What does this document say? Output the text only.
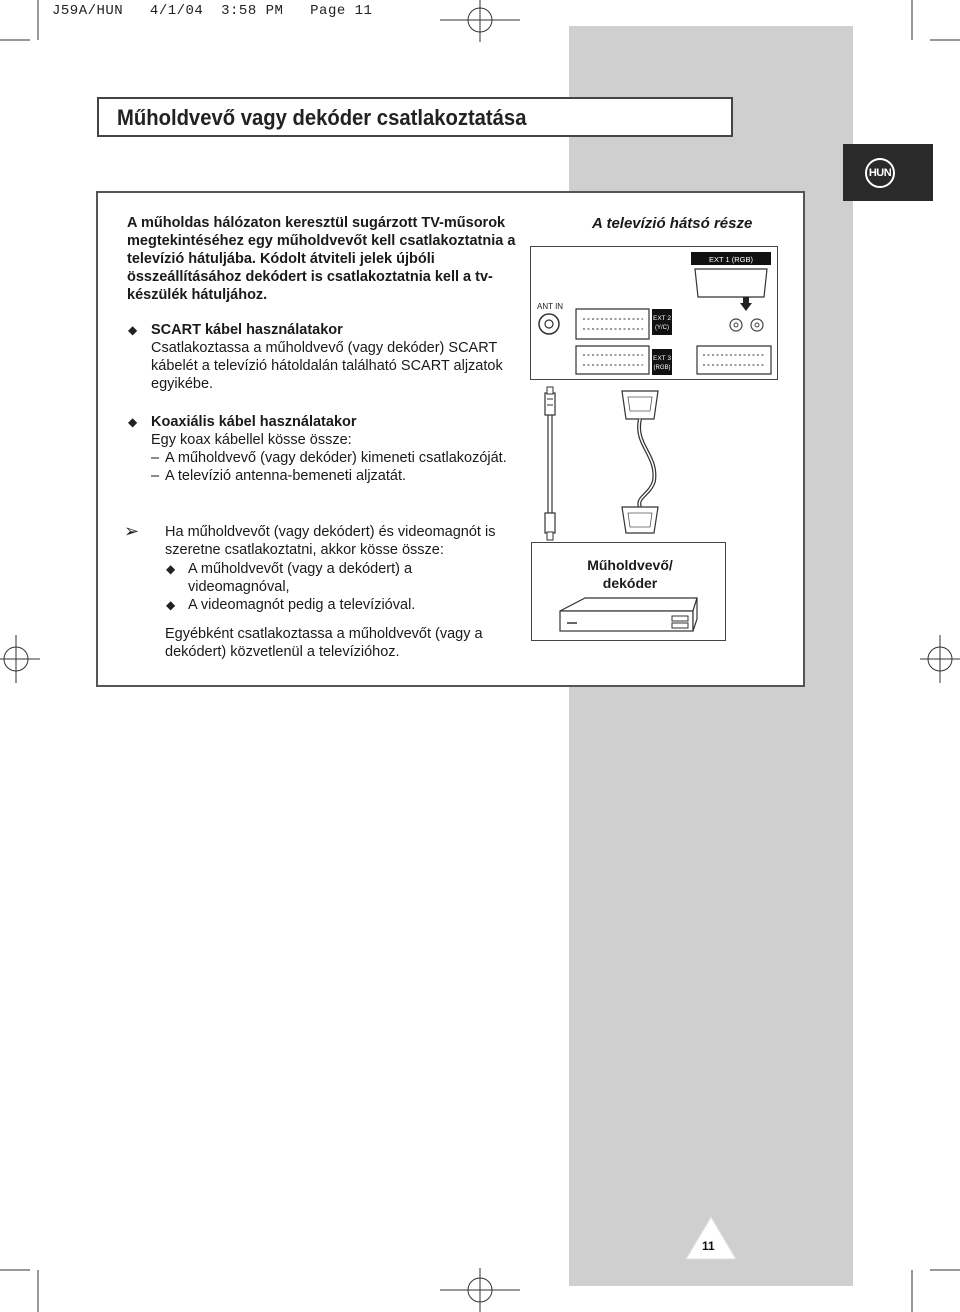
J59A/HUN   4/1/04  3:58 PM   Page 11
Műholdvevő vagy dekóder csatlakoztatása
HUN
A műholdas hálózaton keresztül sugárzott TV-műsorok
megtekintéséhez egy műholdvevőt kell csatlakoztatnia a
televízió hátuljába. Kódolt átviteli jelek újbóli
összeállításához dekódert is csatlakoztatnia kell a tv-
készülék hátuljához.
◆ SCART kábel használatakor
Csatlakoztassa a műholdvevő (vagy dekóder) SCART
kábelét a televízió hátoldalán található SCART aljzatok
egyikébe.
◆ Koaxiális kábel használatakor
Egy koax kábellel kösse össze:
– A műholdvevő (vagy dekóder) kimeneti csatlakozóját.
– A televízió antenna-bemeneti aljzatát.
➢ Ha műholdvevőt (vagy dekódert) és videomagnót is
szeretne csatlakoztatni, akkor kösse össze:
◆ A műholdvevőt (vagy a dekódert) a
videomagnóval,
◆ A videomagnót pedig a televízióval.
Egyébként csatlakoztassa a műholdvevőt (vagy a
dekódert) közvetlenül a televízióhoz.
A televízió hátsó része
EXT 1 (RGB)
ANT IN
EXT 2
(Y/C)
EXT 3
(RGB)
Műholdvevő/
dekóder
11
